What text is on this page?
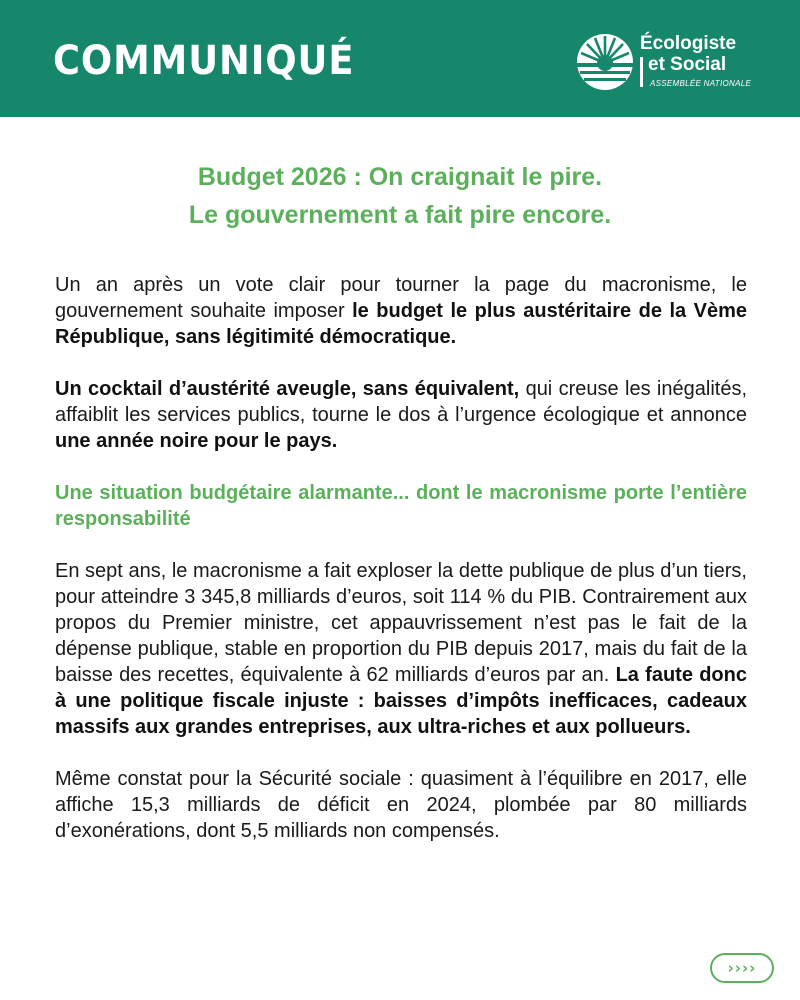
COMMUNIQUÉ	Écologiste
et Social
ASSEMBLÉE NATIONALE
Budget 2026 : On craignait le pire.
Le gouvernement a fait pire encore.

Un an après un vote clair pour tourner la page du macronisme, le gouvernement souhaite imposer le budget le plus austéritaire de la Vème République, sans légitimité démocratique.

Un cocktail d’austérité aveugle, sans équivalent, qui creuse les inégalités, affaiblit les services publics, tourne le dos à l’urgence écologique et annonce une année noire pour le pays.

Une situation budgétaire alarmante... dont le macronisme porte l’entière responsabilité

En sept ans, le macronisme a fait exploser la dette publique de plus d’un tiers, pour atteindre 3 345,8 milliards d’euros, soit 114 % du PIB. Contrairement aux propos du Premier ministre, cet appauvrissement n’est pas le fait de la dépense publique, stable en proportion du PIB depuis 2017, mais du fait de la baisse des recettes, équivalente à 62 milliards d’euros par an. La faute donc à une politique fiscale injuste : baisses d’impôts inefficaces, cadeaux massifs aux grandes entreprises, aux ultra-riches et aux pollueurs.

Même constat pour la Sécurité sociale : quasiment à l’équilibre en 2017, elle affiche 15,3 milliards de déficit en 2024, plombée par 80 milliards d’exonérations, dont 5,5 milliards non compensés.

››››
